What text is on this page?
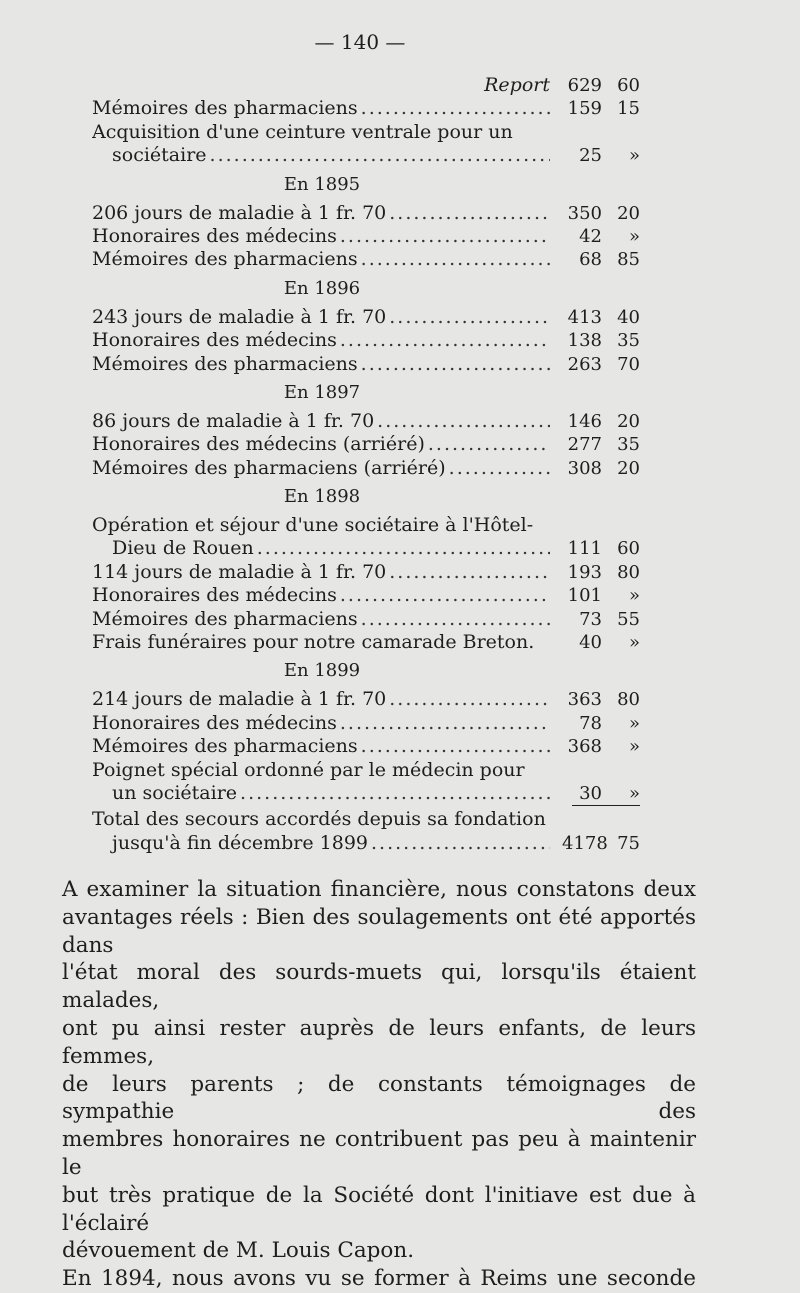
— 140 —
Report 629 60
Mémoires des pharmaciens .....	159 15
Acquisition d'une ceinture ventrale pour un
sociétaire .....	25	»
En 1895
206 jours de maladie à 1 fr. 70 .....	350 20
Honoraires des médecins .....	42	»
Mémoires des pharmaciens .....	68 85
En 1896
243 jours de maladie à 1 fr. 70 .....	413 40
Honoraires des médecins .....	138 35
Mémoires des pharmaciens .....	263 70
En 1897
86 jours de maladie à 1 fr. 70 .....	146 20
Honoraires des médecins (arriéré) .....	277 35
Mémoires des pharmaciens (arriéré) .....	308 20
En 1898
Opération et séjour d'une sociétaire à l'Hôtel-
Dieu de Rouen .....	111 60
114 jours de maladie à 1 fr. 70 .....	193 80
Honoraires des médecins .....	101	»
Mémoires des pharmaciens .....	73 55
Frais funéraires pour notre camarade Breton.	40	»
En 1899
214 jours de maladie à 1 fr. 70 .....	363 80
Honoraires des médecins .....	78	»
Mémoires des pharmaciens .....	368	»
Poignet spécial ordonné par le médecin pour
un sociétaire .....	30	»
Total des secours accordés depuis sa fondation
jusqu'à fin décembre 1899 .....	4178 75
A examiner la situation financière, nous constatons deux
avantages réels : Bien des soulagements ont été apportés dans
l'état moral des sourds-muets qui, lorsqu'ils étaient malades,
ont pu ainsi rester auprès de leurs enfants, de leurs femmes,
de leurs parents ; de constants témoignages de sympathie des
membres honoraires ne contribuent pas peu à maintenir le
but très pratique de la Société dont l'initiave est due à l'éclairé
dévouement de M. Louis Capon.
En 1894, nous avons vu se former à Reims une seconde
